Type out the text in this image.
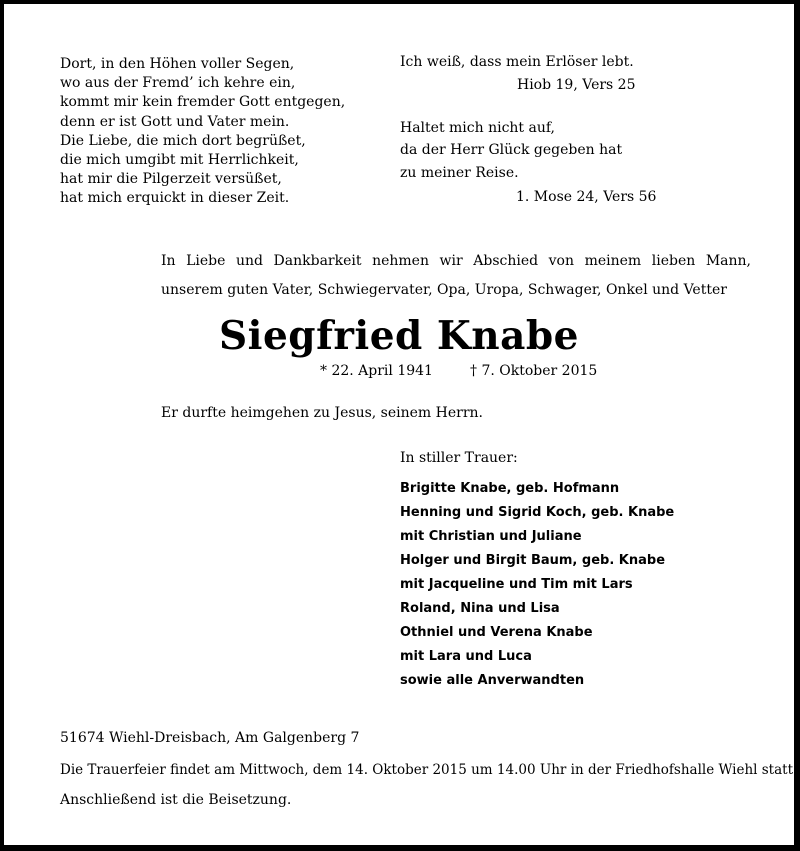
Dort, in den Höhen voller Segen,
wo aus der Fremd’ ich kehre ein,
kommt mir kein fremder Gott entgegen,
denn er ist Gott und Vater mein.
Die Liebe, die mich dort begrüßet,
die mich umgibt mit Herrlichkeit,
hat mir die Pilgerzeit versüßet,
hat mich erquickt in dieser Zeit.
Ich weiß, dass mein Erlöser lebt.
Hiob 19, Vers 25
Haltet mich nicht auf,
da der Herr Glück gegeben hat
zu meiner Reise.
1. Mose 24, Vers 56
In Liebe und Dankbarkeit nehmen wir Abschied von meinem lieben Mann, unserem guten Vater, Schwiegervater, Opa, Uropa, Schwager, Onkel und Vetter
Siegfried Knabe
* 22. April 1941	† 7. Oktober 2015
Er durfte heimgehen zu Jesus, seinem Herrn.
In stiller Trauer:
Brigitte Knabe, geb. Hofmann
Henning und Sigrid Koch, geb. Knabe
mit Christian und Juliane
Holger und Birgit Baum, geb. Knabe
mit Jacqueline und Tim mit Lars
Roland, Nina und Lisa
Othniel und Verena Knabe
mit Lara und Luca
sowie alle Anverwandten
51674 Wiehl-Dreisbach, Am Galgenberg 7
Die Trauerfeier findet am Mittwoch, dem 14. Oktober 2015 um 14.00 Uhr in der Friedhofshalle Wiehl statt.
Anschließend ist die Beisetzung.
